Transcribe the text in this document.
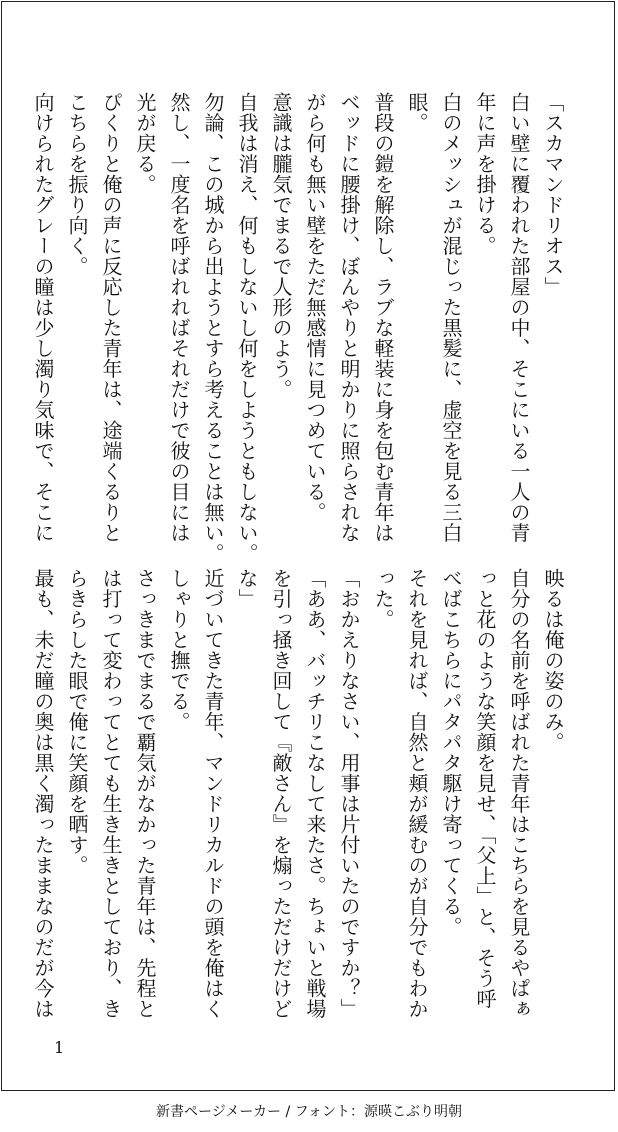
「スカマンドリオス」

白い壁に覆われた部屋の中、そこにいる一人の青

年に声を掛ける。

白のメッシュが混じった黒髪に、虚空を見る三白

眼。

普段の鎧を解除し、ラブな軽装に身を包む青年は

ベッドに腰掛け、ぼんやりと明かりに照らされな

がら何も無い壁をただ無感情に見つめている。

意識は朧気でまるで人形のよう。

自我は消え、何もしないし何をしようともしない。

勿論、この城から出ようとすら考えることは無い。

然し、一度名を呼ばれればそれだけで彼の目には

光が戻る。

ぴくりと俺の声に反応した青年は、途端くるりと

こちらを振り向く。

向けられたグレーの瞳は少し濁り気味で、そこに

映るは俺の姿のみ。

自分の名前を呼ばれた青年はこちらを見るやぱぁ

っと花のような笑顔を見せ、「父上」と、そう呼

べばこちらにパタパタ駆け寄ってくる。

それを見れば、自然と頬が緩むのが自分でもわか

った。

「おかえりなさい、用事は片付いたのですか？」

「ああ、バッチリこなして来たさ。ちょいと戦場

を引っ掻き回して『敵さん』を煽っただけだけど

な」

近づいてきた青年、マンドリカルドの頭を俺はく

しゃりと撫でる。

さっきまでまるで覇気がなかった青年は、先程と

は打って変わってとても生き生きとしており、き

らきらした眼で俺に笑顔を晒す。

最も、未だ瞳の奥は黒く濁ったままなのだが今は

1
新書ページメーカー / フォント：源暎こぶり明朝
